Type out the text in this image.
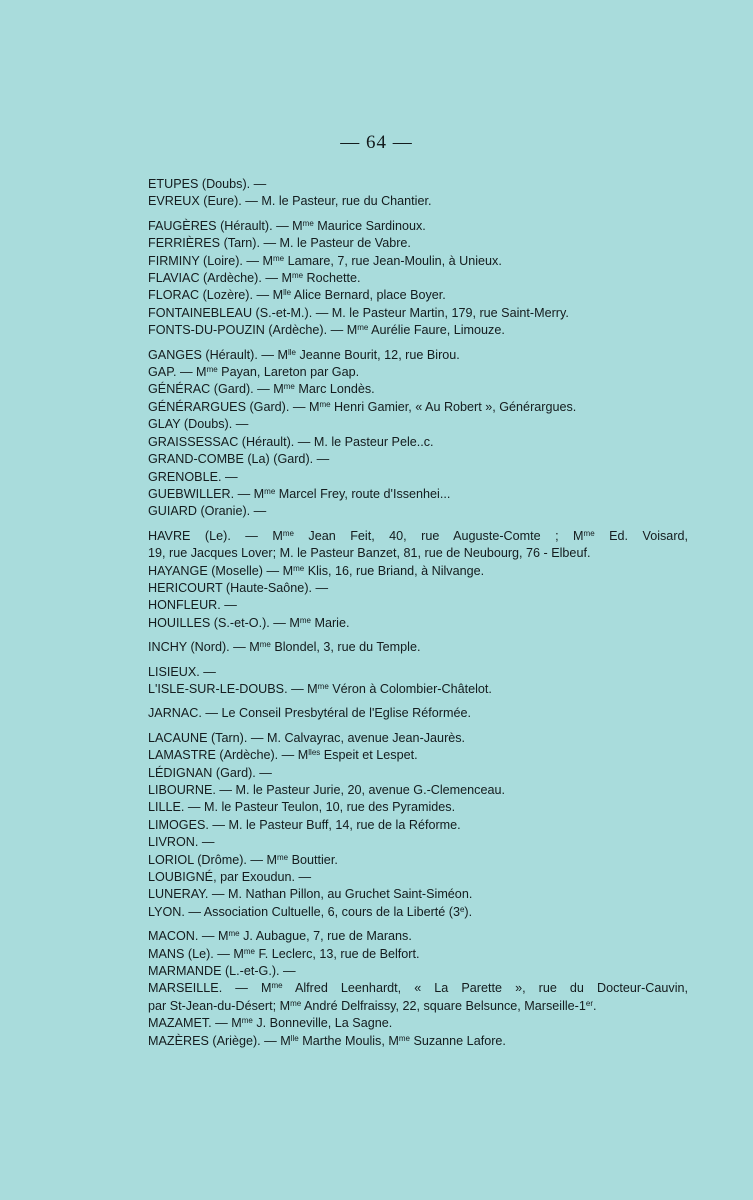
— 64 —
ETUPES (Doubs). —
EVREUX (Eure). — M. le Pasteur, rue du Chantier.
FAUGÈRES (Hérault). — $M^{me}$ Maurice Sardinoux.
FERRIÈRES (Tarn). — M. le Pasteur de Vabre.
FIRMINY (Loire). — $M^{me}$ Lamare, 7, rue Jean-Moulin, à Unieux.
FLAVIAC (Ardèche). — $M^{me}$ Rochette.
FLORAC (Lozère). — $M^{lle}$ Alice Bernard, place Boyer.
FONTAINEBLEAU (S.-et-M.). — M. le Pasteur Martin, 179, rue Saint-Merry.
FONTS-DU-POUZIN (Ardèche). — $M^{me}$ Aurélie Faure, Limouze.
GANGES (Hérault). — $M^{lle}$ Jeanne Bourit, 12, rue Birou.
GAP. — $M^{me}$ Payan, Lareton par Gap.
GÉNÉRAC (Gard). — $M^{me}$ Marc Londès.
GÉNÉRARGUES (Gard). — $M^{me}$ Henri Gamier, « Au Robert », Générargues.
GLAY (Doubs). —
GRAISSESSAC (Hérault). — M. le Pasteur Pele..c.
GRAND-COMBE (La) (Gard). —
GRENOBLE. —
GUEBWILLER. — $M^{me}$ Marcel Frey, route d'Issenhei...
GUIARD (Oranie). —
HAVRE (Le). — $M^{me}$ Jean Feit, 40, rue Auguste-Comte ; $M^{me}$ Ed. Voisard,
19, rue Jacques Lover; M. le Pasteur Banzet, 81, rue de Neubourg, 76 - Elbeuf.
HAYANGE (Moselle) — $M^{me}$ Klis, 16, rue Briand, à Nilvange.
HERICOURT (Haute-Saône). —
HONFLEUR. —
HOUILLES (S.-et-O.). — $M^{me}$ Marie.
INCHY (Nord). — $M^{me}$ Blondel, 3, rue du Temple.
LISIEUX. —
L'ISLE-SUR-LE-DOUBS. — $M^{me}$ Véron à Colombier-Châtelot.
JARNAC. — Le Conseil Presbytéral de l'Eglise Réformée.
LACAUNE (Tarn). — M. Calvayrac, avenue Jean-Jaurès.
LAMASTRE (Ardèche). — $M^{lles}$ Espeit et Lespet.
LÉDIGNAN (Gard). —
LIBOURNE. — M. le Pasteur Jurie, 20, avenue G.-Clemenceau.
LILLE. — M. le Pasteur Teulon, 10, rue des Pyramides.
LIMOGES. — M. le Pasteur Buff, 14, rue de la Réforme.
LIVRON. —
LORIOL (Drôme). — $M^{me}$ Bouttier.
LOUBIGNÉ, par Exoudun. —
LUNERAY. — M. Nathan Pillon, au Gruchet Saint-Siméon.
LYON. — Association Cultuelle, 6, cours de la Liberté (3e).
MACON. — $M^{me}$ J. Aubague, 7, rue de Marans.
MANS (Le). — $M^{me}$ F. Leclerc, 13, rue de Belfort.
MARMANDE (L.-et-G.). —
MARSEILLE. — $M^{me}$ Alfred Leenhardt, « La Parette », rue du Docteur-Cauvin,
par St-Jean-du-Désert; $M^{me}$ André Delfraissy, 22, square Belsunce, Marseille-1er.
MAZAMET. — $M^{me}$ J. Bonneville, La Sagne.
MAZÈRES (Ariège). — $M^{lle}$ Marthe Moulis, $M^{me}$ Suzanne Lafore.
